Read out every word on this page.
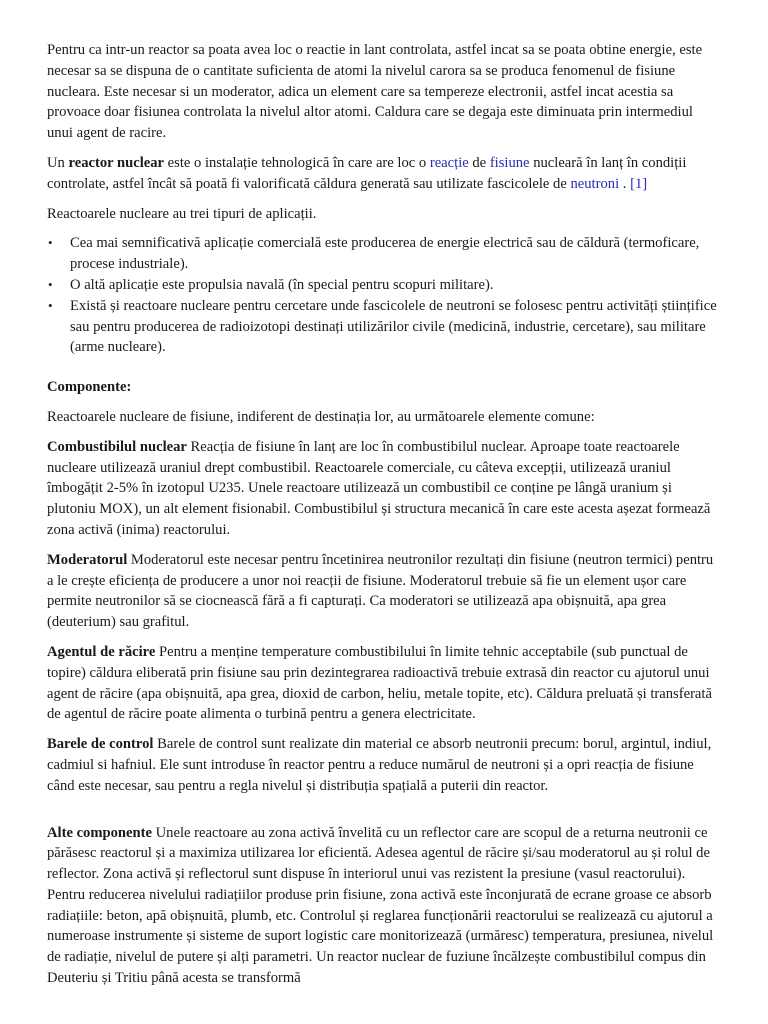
Pentru ca intr-un reactor sa poata avea loc o reactie in lant controlata, astfel incat sa se poata obtine energie, este necesar sa se dispuna de o cantitate suficienta de atomi la nivelul carora sa se produca fenomenul de fisiune nucleara. Este necesar si un moderator, adica un element care sa tempereze electronii, astfel incat acestia sa provoace doar fisiunea controlata la nivelul altor atomi. Caldura care se degaja este diminuata prin intermediul unui agent de racire.

Un reactor nuclear este o instalație tehnologică în care are loc o reacție de fisiune nucleară în lanț în condiții controlate, astfel încât să poată fi valorificată căldura generată sau utilizate fascicolele de neutroni . [1]

Reactoarele nucleare au trei tipuri de aplicații.

• Cea mai semnificativă aplicație comercială este producerea de energie electrică sau de căldură (termoficare, procese industriale).
• O altă aplicație este propulsia navală (în special pentru scopuri militare).
• Există și reactoare nucleare pentru cercetare unde fascicolele de neutroni se folosesc pentru activități științifice sau pentru producerea de radioizotopi destinați utilizărilor civile (medicină, industrie, cercetare), sau militare (arme nucleare).

Componente:

Reactoarele nucleare de fisiune, indiferent de destinația lor, au următoarele elemente comune:

Combustibilul nuclear Reacția de fisiune în lanț are loc în combustibilul nuclear. Aproape toate reactoarele nucleare utilizează uraniul drept combustibil. Reactoarele comerciale, cu câteva excepții, utilizează uraniul îmbogățit 2-5% în izotopul U235. Unele reactoare utilizează un combustibil ce conține pe lângă uranium și plutoniu MOX), un alt element fisionabil. Combustibilul și structura mecanică în care este acesta așezat formează zona activă (inima) reactorului.

Moderatorul Moderatorul este necesar pentru încetinirea neutronilor rezultați din fisiune (neutron termici) pentru a le crește eficiența de producere a unor noi reacții de fisiune. Moderatorul trebuie să fie un element ușor care permite neutronilor să se ciocnească fără a fi capturați. Ca moderatori se utilizează apa obișnuită, apa grea (deuterium) sau grafitul.

Agentul de răcire Pentru a menține temperature combustibilului în limite tehnic acceptabile (sub punctual de topire) căldura eliberată prin fisiune sau prin dezintegrarea radioactivă trebuie extrasă din reactor cu ajutorul unui agent de răcire (apa obișnuită, apa grea, dioxid de carbon, heliu, metale topite, etc). Căldura preluată și transferată de agentul de răcire poate alimenta o turbină pentru a genera electricitate.

Barele de control Barele de control sunt realizate din material ce absorb neutronii precum: borul, argintul, indiul, cadmiul si hafniul. Ele sunt introduse în reactor pentru a reduce numărul de neutroni și a opri reacția de fisiune când este necesar, sau pentru a regla nivelul și distribuția spațială a puterii din reactor.

Alte componente Unele reactoare au zona activă învelită cu un reflector care are scopul de a returna neutronii ce părăsesc reactorul și a maximiza utilizarea lor eficientă. Adesea agentul de răcire și/sau moderatorul au și rolul de reflector. Zona activă și reflectorul sunt dispuse în interiorul unui vas rezistent la presiune (vasul reactorului). Pentru reducerea nivelului radiațiilor produse prin fisiune, zona activă este înconjurată de ecrane groase ce absorb radiațiile: beton, apă obișnuită, plumb, etc. Controlul și reglarea funcționării reactorului se realizează cu ajutorul a numeroase instrumente și sisteme de suport logistic care monitorizează (urmăresc) temperatura, presiunea, nivelul de radiație, nivelul de putere și alți parametri. Un reactor nuclear de fuziune încălzește combustibilul compus din Deuteriu și Tritiu până acesta se transformă
